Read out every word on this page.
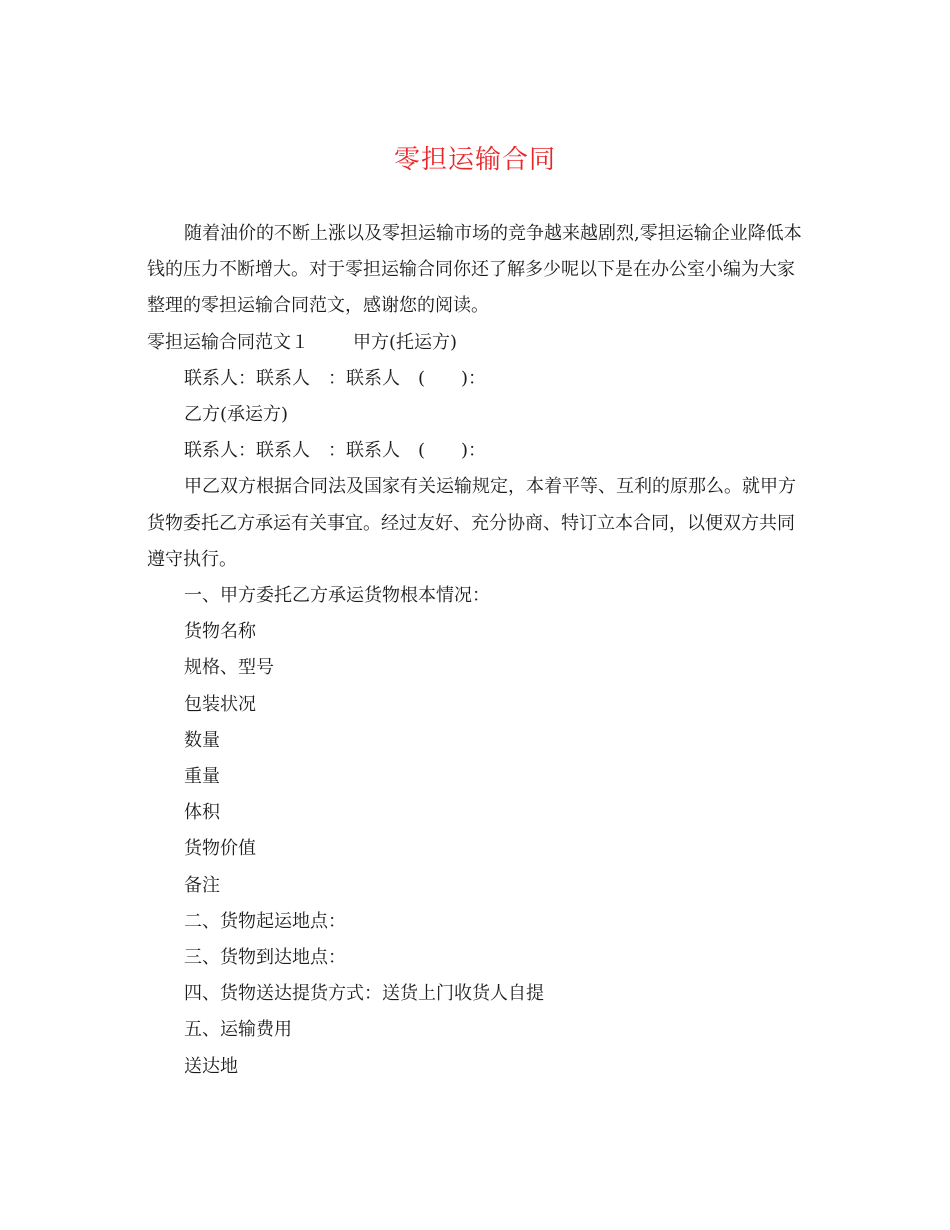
零担运输合同

随着油价的不断上涨以及零担运输市场的竞争越来越剧烈,零担运输企业降低本钱的压力不断增大。对于零担运输合同你还了解多少呢以下是在办公室小编为大家整理的零担运输合同范文，感谢您的阅读。

零担运输合同范文１ 甲方(托运方)

联系人：联系人　：联系人　(　　)：

乙方(承运方)

联系人：联系人　：联系人　(　　)：

甲乙双方根据合同法及国家有关运输规定，本着平等、互利的原那么。就甲方货物委托乙方承运有关事宜。经过友好、充分协商、特订立本合同，以便双方共同遵守执行。

一、甲方委托乙方承运货物根本情况：

货物名称

规格、型号

包装状况

数量

重量

体积

货物价值

备注

二、货物起运地点：

三、货物到达地点：

四、货物送达提货方式：送货上门收货人自提

五、运输费用

送达地
